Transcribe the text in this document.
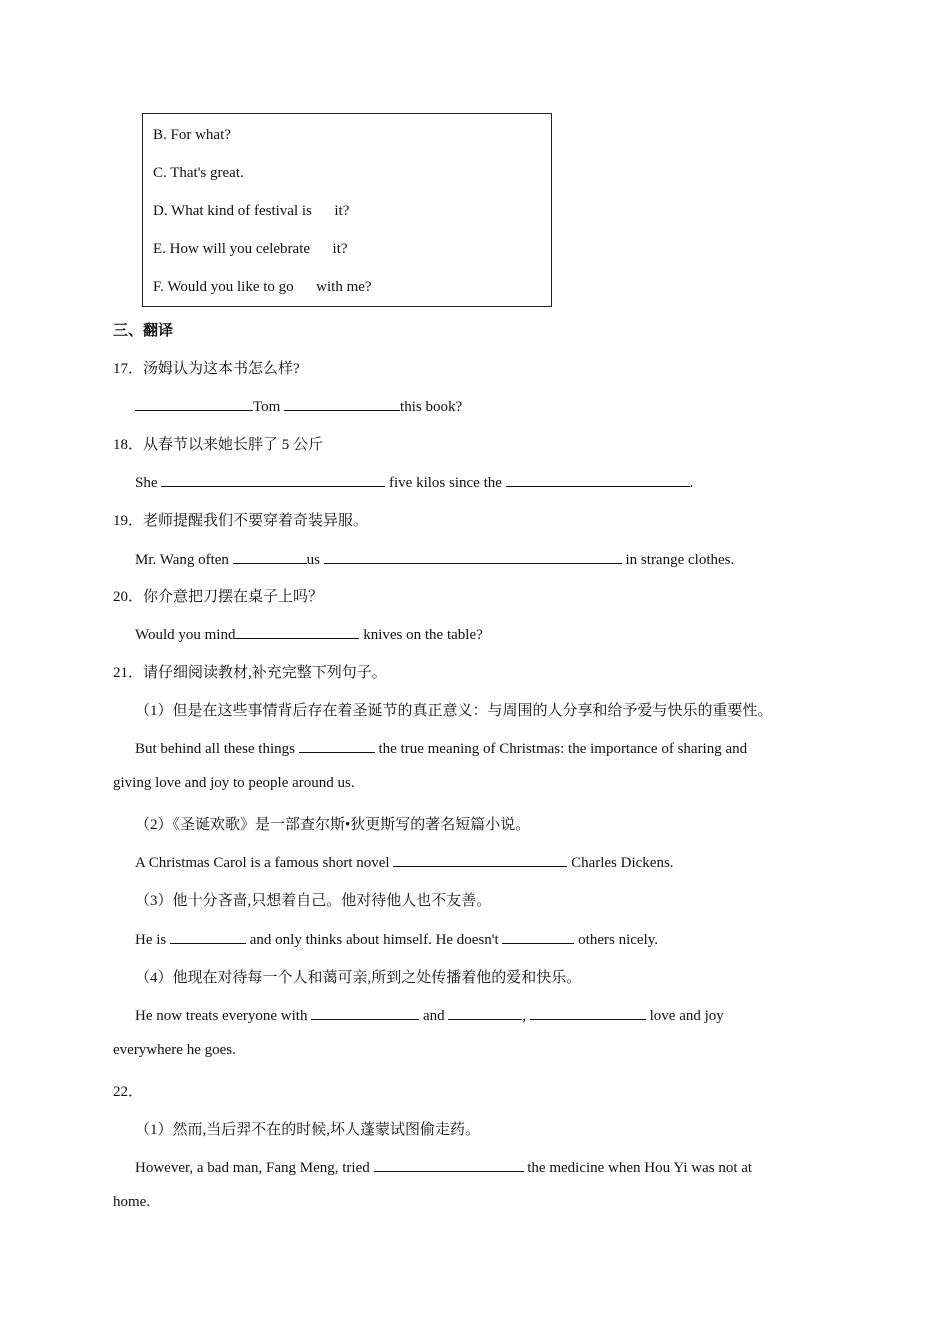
B. For what?
C. That's great.
D. What kind of festival is      it?
E. How will you celebrate      it?
F. Would you like to go      with me?
三、翻译
17．汤姆认为这本书怎么样?
Tom	this book?
18．从春节以来她长胖了 5 公斤
She	five kilos since the	.
19．老师提醒我们不要穿着奇装异服。
Mr. Wang often	us	in strange clothes.
20．你介意把刀摆在桌子上吗？
Would you mind	knives on the table?
21．请仔细阅读教材,补充完整下列句子。
（1）但是在这些事情背后存在着圣诞节的真正意义：与周围的人分享和给予爱与快乐的重要性。
But behind all these things	the true meaning of Christmas: the importance of sharing and
giving love and joy to people around us.
（2）《圣诞欢歌》是一部查尔斯•狄更斯写的著名短篇小说。
A Christmas Carol is a famous short novel	Charles Dickens.
（3）他十分吝啬,只想着自己。他对待他人也不友善。
He is	and only thinks about himself. He doesn't	others nicely.
（4）他现在对待每一个人和蔼可亲,所到之处传播着他的爱和快乐。
He now treats everyone with	and	,	love and joy
everywhere he goes.
22．
（1）然而,当后羿不在的时候,坏人蓬蒙试图偷走药。
However, a bad man, Fang Meng, tried	the medicine when Hou Yi was not at
home.
